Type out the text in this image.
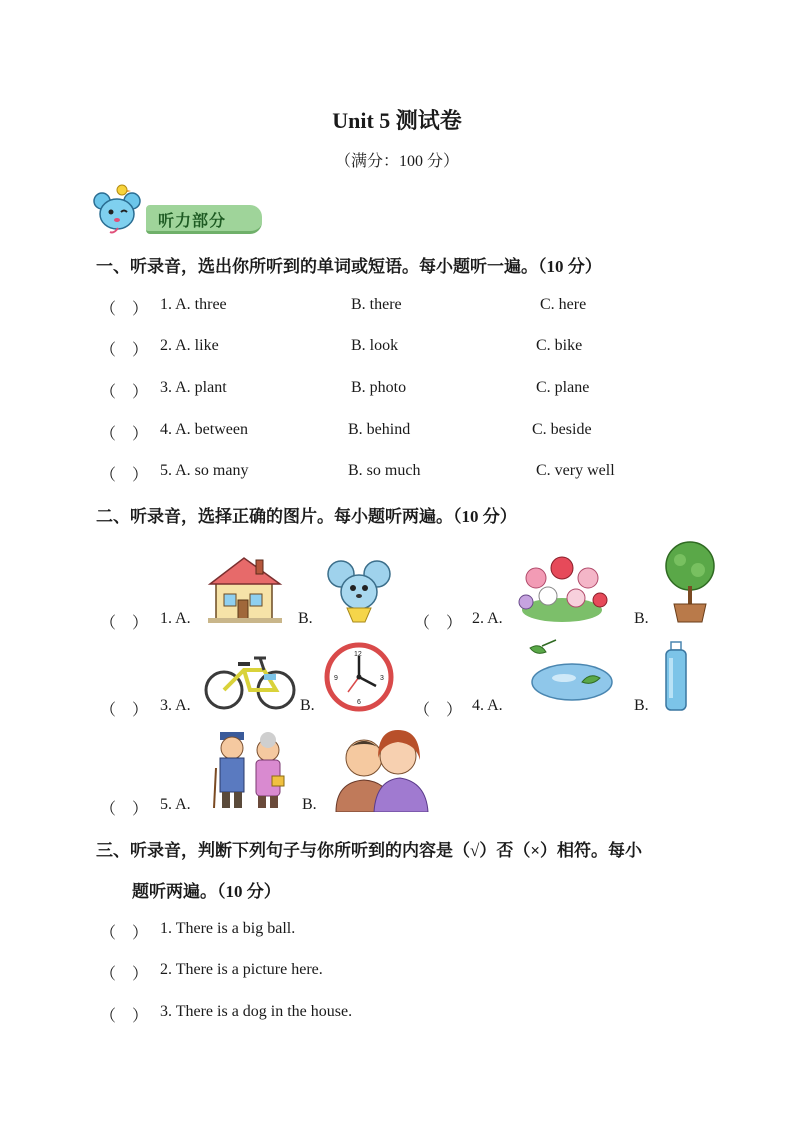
Unit 5 测试卷
（满分：100 分）
听力部分
一、听录音，选出你所听到的单词或短语。每小题听一遍。（10 分）
（　） 1. A. three	B. there	C. here
（　） 2. A. like	B. look	C. bike
（　） 3. A. plant	B. photo	C. plane
（　） 4. A. between	B. behind	C. beside
（　） 5. A. so many	B. so much	C. very well
二、听录音，选择正确的图片。每小题听两遍。（10 分）
（　） 1. A.	B.	（　） 2. A.	B.
（　） 3. A.	B.
12
3
6
9
（　） 4. A.	B.
（　） 5. A.	B.
三、听录音，判断下列句子与你所听到的内容是（√）否（×）相符。每小
题听两遍。（10 分）
（　） 1. There is a big ball.
（　） 2. There is a picture here.
（　） 3. There is a dog in the house.
